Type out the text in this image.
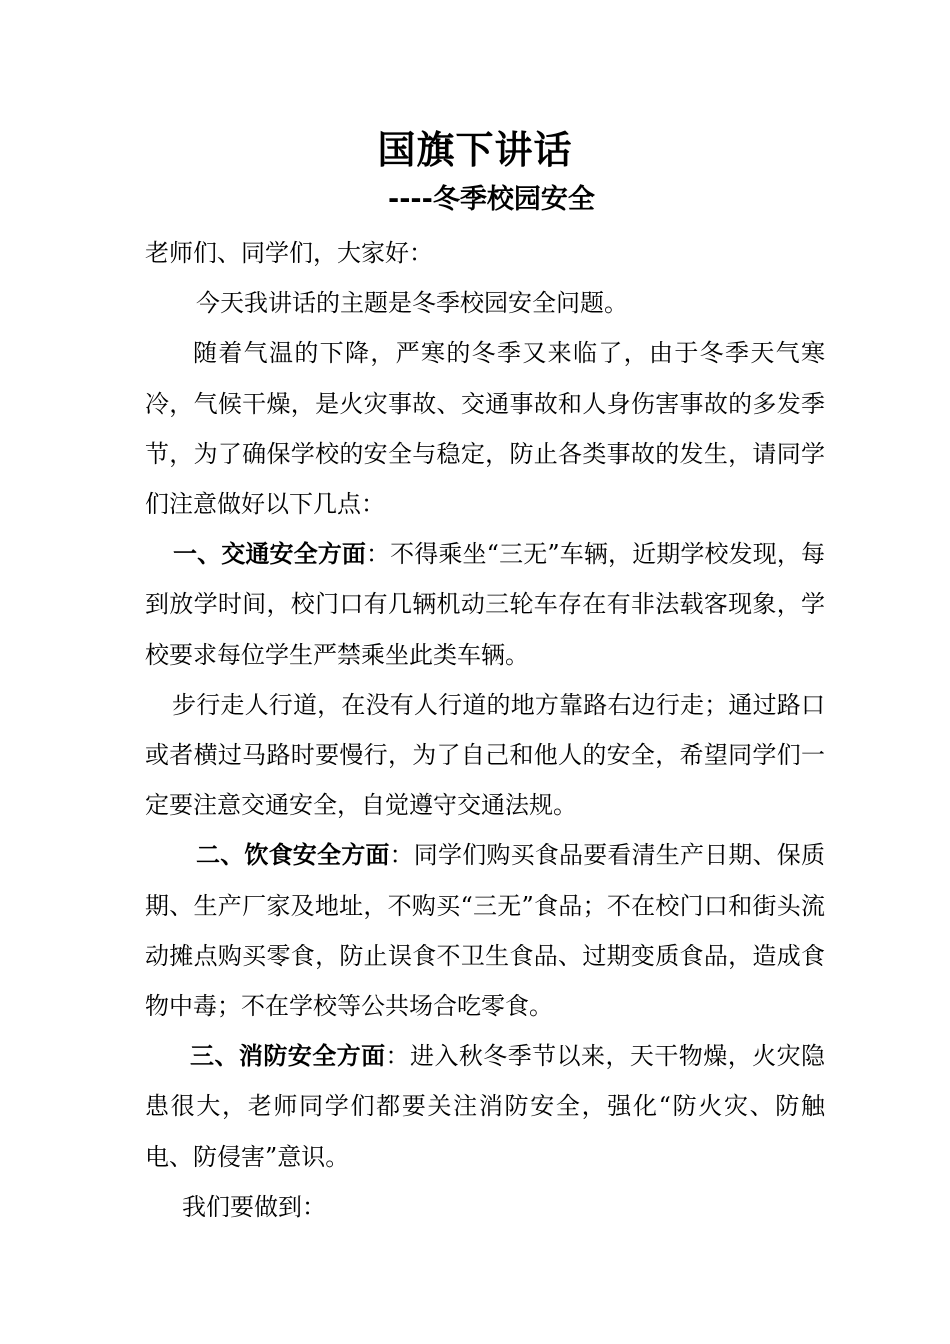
国旗下讲话
----冬季校园安全

老师们、同学们，大家好：

今天我讲话的主题是冬季校园安全问题。

随着气温的下降，严寒的冬季又来临了，由于冬季天气寒冷，气候干燥，是火灾事故、交通事故和人身伤害事故的多发季节，为了确保学校的安全与稳定，防止各类事故的发生，请同学们注意做好以下几点：

一、交通安全方面：不得乘坐“三无”车辆，近期学校发现，每到放学时间，校门口有几辆机动三轮车存在有非法载客现象，学校要求每位学生严禁乘坐此类车辆。

步行走人行道，在没有人行道的地方靠路右边行走；通过路口或者横过马路时要慢行，为了自己和他人的安全，希望同学们一定要注意交通安全，自觉遵守交通法规。

二、饮食安全方面：同学们购买食品要看清生产日期、保质期、生产厂家及地址，不购买“三无”食品；不在校门口和街头流动摊点购买零食，防止误食不卫生食品、过期变质食品，造成食物中毒；不在学校等公共场合吃零食。

三、消防安全方面：进入秋冬季节以来，天干物燥，火灾隐患很大，老师同学们都要关注消防安全，强化“防火灾、防触电、防侵害”意识。

我们要做到：
